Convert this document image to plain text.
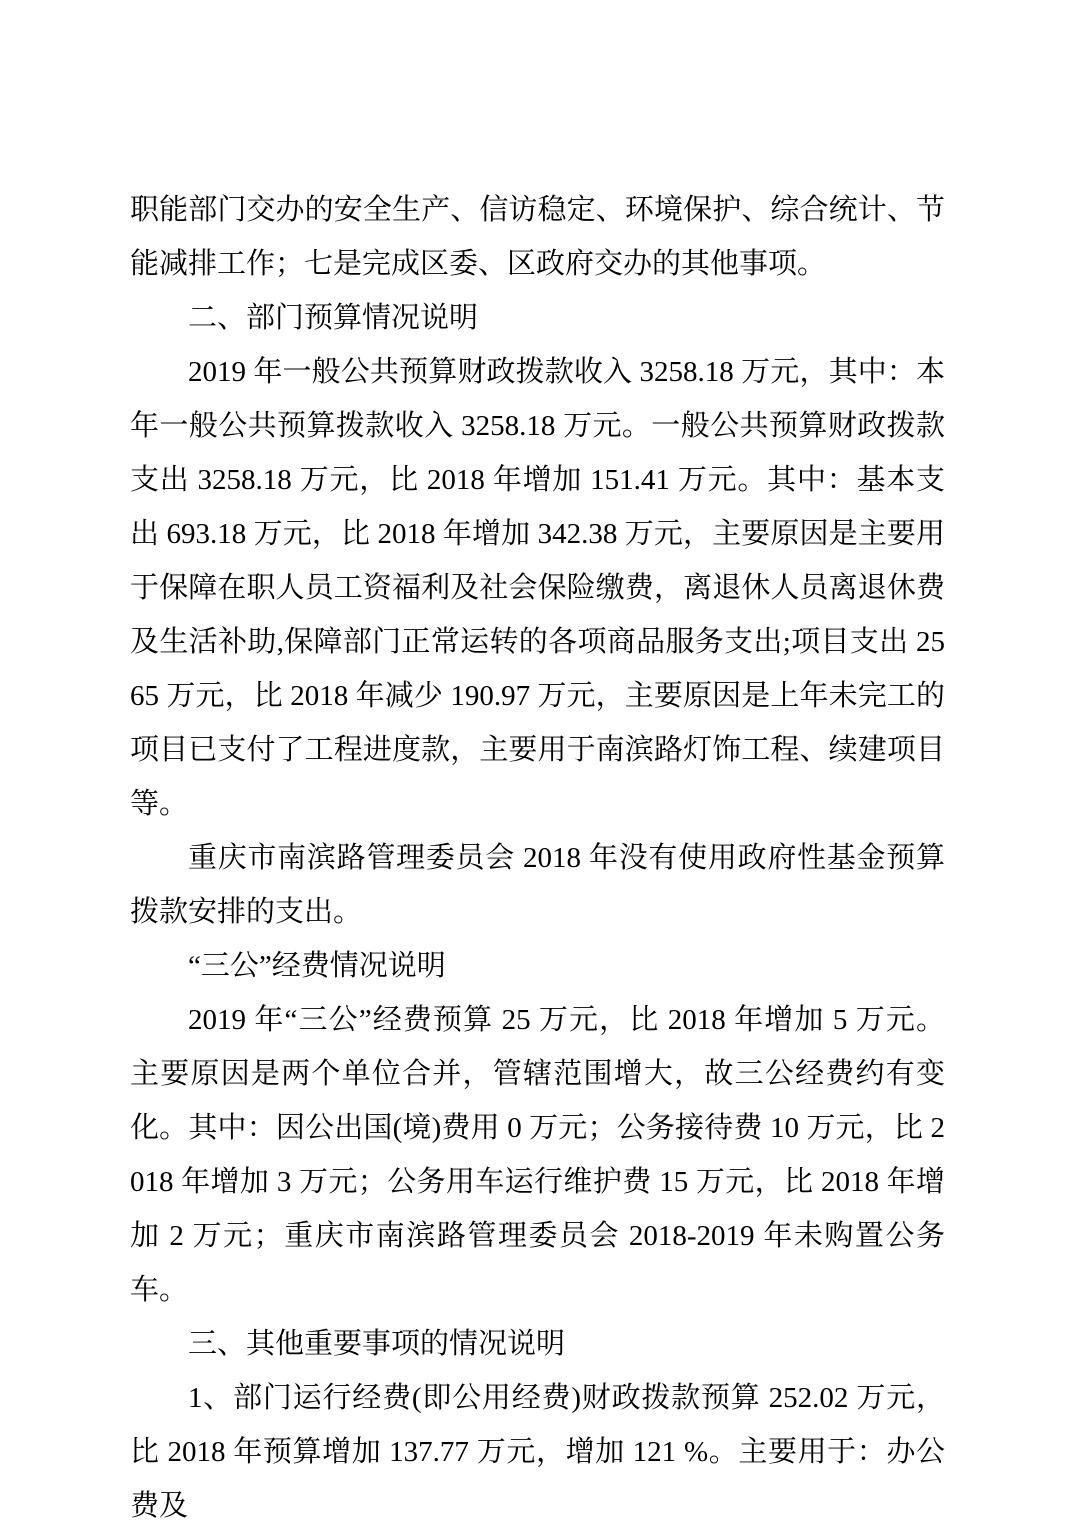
职能部门交办的安全生产、信访稳定、环境保护、综合统计、节能减排工作；七是完成区委、区政府交办的其他事项。

二、部门预算情况说明

2019 年一般公共预算财政拨款收入 3258.18 万元，其中：本年一般公共预算拨款收入 3258.18 万元。一般公共预算财政拨款支出 3258.18 万元，比 2018 年增加 151.41 万元。其中：基本支出 693.18 万元，比 2018 年增加 342.38 万元，主要原因是主要用于保障在职人员工资福利及社会保险缴费，离退休人员离退休费及生活补助,保障部门正常运转的各项商品服务支出;项目支出 2565 万元，比 2018 年减少 190.97 万元，主要原因是上年未完工的项目已支付了工程进度款，主要用于南滨路灯饰工程、续建项目等。

重庆市南滨路管理委员会 2018 年没有使用政府性基金预算拨款安排的支出。

“三公”经费情况说明

2019 年“三公”经费预算 25 万元，比 2018 年增加 5 万元。主要原因是两个单位合并，管辖范围增大，故三公经费约有变化。其中：因公出国(境)费用 0 万元；公务接待费 10 万元，比 2018 年增加 3 万元；公务用车运行维护费 15 万元，比 2018 年增加 2 万元；重庆市南滨路管理委员会 2018-2019 年未购置公务车。

三、其他重要事项的情况说明

1、部门运行经费(即公用经费)财政拨款预算 252.02 万元，比 2018 年预算增加 137.77 万元，增加 121 %。主要用于：办公费及
